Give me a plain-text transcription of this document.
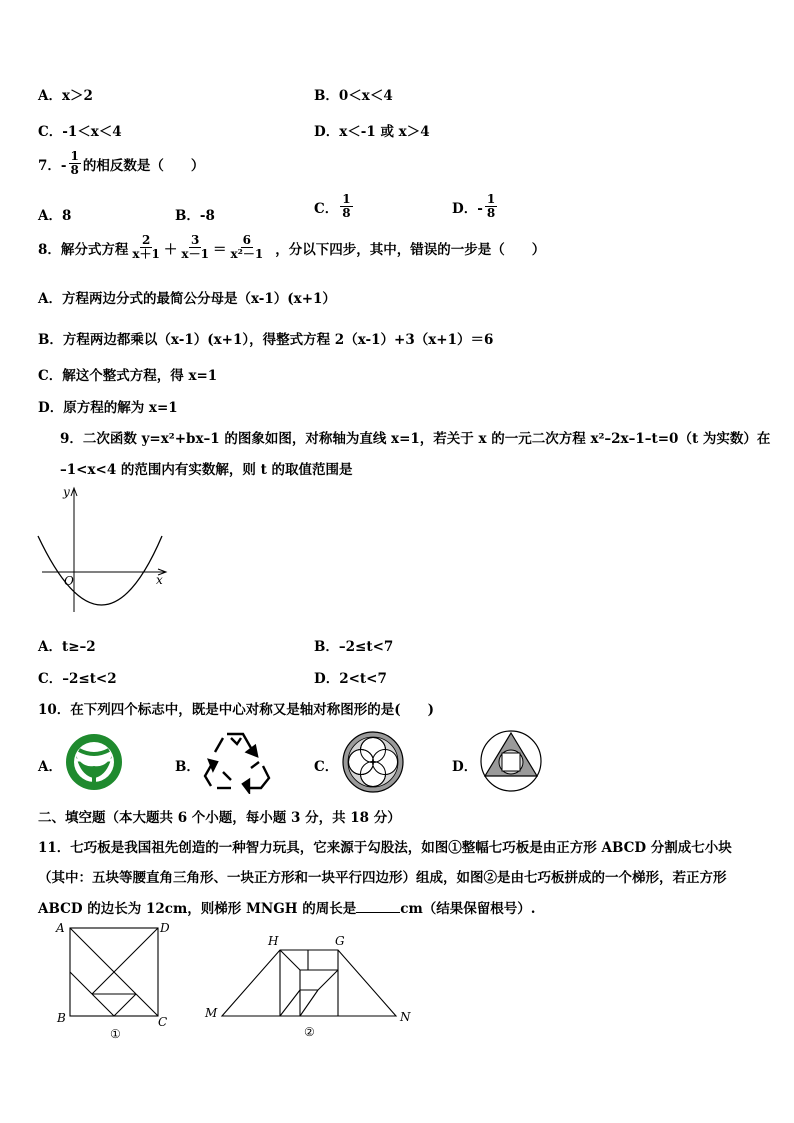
A．x＞2	B．0＜x＜4
C．-1＜x＜4	D．x＜-1 或 x＞4
7．- $\frac{1}{8}$ 的相反数是（　　）
A．8	B．-8	C． $\frac{1}{8}$	D．- $\frac{1}{8}$
8．解分式方程 $\frac{2}{x+1} + \frac{3}{x-1} = \frac{6}{\text{x²－1}}$ ，分以下四步，其中，错误的一步是（　　）
A．方程两边分式的最简公分母是（x-1）(x+1）
B．方程两边都乘以（x-1）(x+1），得整式方程 2（x-1）+3（x+1）＝6
C．解这个整式方程，得 x=1
D．原方程的解为 x=1
9．二次函数 y=x²+bx–1 的图象如图，对称轴为直线 x=1，若关于 x 的一元二次方程 x²–2x–1–t=0（t 为实数）在
–1<x<4 的范围内有实数解，则 t 的取值范围是
y
x
O
A．t≥–2	B．–2≤t<7
C．–2≤t<2	D．2<t<7
10．在下列四个标志中，既是中心对称又是轴对称图形的是(　　)
A．	B．	C．	D．
二、填空题（本大题共 6 个小题，每小题 3 分，共 18 分）
11．七巧板是我国祖先创造的一种智力玩具，它来源于勾股法，如图①整幅七巧板是由正方形 ABCD 分割成七小块
（其中：五块等腰直角三角形、一块正方形和一块平行四边形）组成，如图②是由七巧板拼成的一个梯形，若正方形
ABCD 的边长为 12cm，则梯形 MNGH 的周长是	cm（结果保留根号）.
A	D
B	C
①
H	G
M	N
②
